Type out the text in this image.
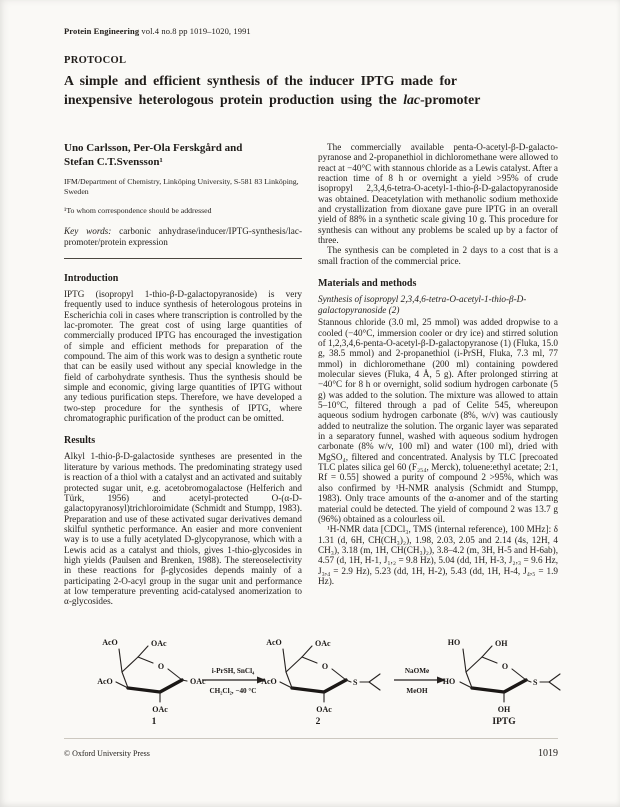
Protein Engineering vol.4 no.8 pp 1019–1020, 1991
PROTOCOL
A simple and efficient synthesis of the inducer IPTG made for
inexpensive heterologous protein production using the lac-promoter
Uno Carlsson, Per-Ola Ferskgård and
Stefan C.T.Svensson¹
IFM/Department of Chemistry, Linköping University, S-581 83 Linköping, Sweden
¹To whom correspondence should be addressed
Key words: carbonic anhydrase/inducer/IPTG-synthesis/lac-promoter/protein expression
Introduction
IPTG (isopropyl 1-thio-β-D-galactopyranoside) is very frequently used to induce synthesis of heterologous proteins in Escherichia coli in cases where transcription is controlled by the lac-promoter. The great cost of using large quantities of commercially produced IPTG has encouraged the investigation of simple and efficient methods for preparation of the compound. The aim of this work was to design a synthetic route that can be easily used without any special knowledge in the field of carbohydrate synthesis. Thus the synthesis should be simple and economic, giving large quantities of IPTG without any tedious purification steps. Therefore, we have developed a two-step procedure for the synthesis of IPTG, where chromatographic purification of the product can be omitted.
Results
Alkyl 1-thio-β-D-galactoside syntheses are presented in the literature by various methods. The predominating strategy used is reaction of a thiol with a catalyst and an activated and suitably protected sugar unit, e.g. acetobromogalactose (Helferich and Türk, 1956) and acetyl-protected O-(α-D-galactopyranosyl)trichloroimidate (Schmidt and Stumpp, 1983). Preparation and use of these activated sugar derivatives demand skilful synthetic performance. An easier and more convenient way is to use a fully acetylated D-glycopyranose, which with a Lewis acid as a catalyst and thiols, gives 1-thio-glycosides in high yields (Paulsen and Brenken, 1988). The stereoselectivity in these reactions for β-glycosides depends mainly of a participating 2-O-acyl group in the sugar unit and performance at low temperature preventing acid-catalysed anomerization to α-glycosides.
The commercially available penta-O-acetyl-β-D-galacto-pyranose and 2-propanethiol in dichloromethane were allowed to react at −40°C with stannous chloride as a Lewis catalyst. After a reaction time of 8 h or overnight a yield >95% of crude isopropyl 2,3,4,6-tetra-O-acetyl-1-thio-β-D-galactopyranoside was obtained. Deacetylation with methanolic sodium methoxide and crystallization from dioxane gave pure IPTG in an overall yield of 88% in a synthetic scale giving 10 g. This procedure for synthesis can without any problems be scaled up by a factor of three.
The synthesis can be completed in 2 days to a cost that is a small fraction of the commercial price.
Materials and methods
Synthesis of isopropyl 2,3,4,6-tetra-O-acetyl-1-thio-β-D-galactopyranoside (2)
Stannous chloride (3.0 ml, 25 mmol) was added dropwise to a cooled (−40°C, immersion cooler or dry ice) and stirred solution of 1,2,3,4,6-penta-O-acetyl-β-D-galactopyranose (1) (Fluka, 15.0 g, 38.5 mmol) and 2-propanethiol (i-PrSH, Fluka, 7.3 ml, 77 mmol) in dichloromethane (200 ml) containing powdered molecular sieves (Fluka, 4 Å, 5 g). After prolonged stirring at −40°C for 8 h or overnight, solid sodium hydrogen carbonate (5 g) was added to the solution. The mixture was allowed to attain 5–10°C, filtered through a pad of Celite 545, whereupon aqueous sodium hydrogen carbonate (8%, w/v) was cautiously added to neutralize the solution. The organic layer was separated in a separatory funnel, washed with aqueous sodium hydrogen carbonate (8% w/v, 100 ml) and water (100 ml), dried with MgSO₄, filtered and concentrated. Analysis by TLC [precoated TLC plates silica gel 60 (F₂₅₄, Merck), toluene:ethyl acetate; 2:1, Rf = 0.55] showed a purity of compound 2 >95%, which was also confirmed by ¹H-NMR analysis (Schmidt and Stumpp, 1983). Only trace amounts of the α-anomer and of the starting material could be detected. The yield of compound 2 was 13.7 g (96%) obtained as a colourless oil.
¹H-NMR data [CDCl₃, TMS (internal reference), 100 MHz]: δ 1.31 (d, 6H, CH(CH₃)₂), 1.98, 2.03, 2.05 and 2.14 (4s, 12H, 4 CH₃), 3.18 (m, 1H, CH(CH₃)₂), 3.8–4.2 (m, 3H, H-5 and H-6ab), 4.57 (d, 1H, H-1, J₁,₂ = 9.8 Hz), 5.04 (dd, 1H, H-3, J₂,₃ = 9.6 Hz, J₃,₄ = 2.9 Hz), 5.23 (dd, 1H, H-2), 5.43 (dd, 1H, H-4, J₄,₅ = 1.9 Hz).
O
AcO	OAc
AcO
OAc
OAc
1
i-PrSH, SnCl₄
CH₂Cl₂, −40 °C
O
AcO	OAc
AcO
OAc
S
2
NaOMe
MeOH
O
HO	OH
HO
OH
S
IPTG
© Oxford University Press	1019
